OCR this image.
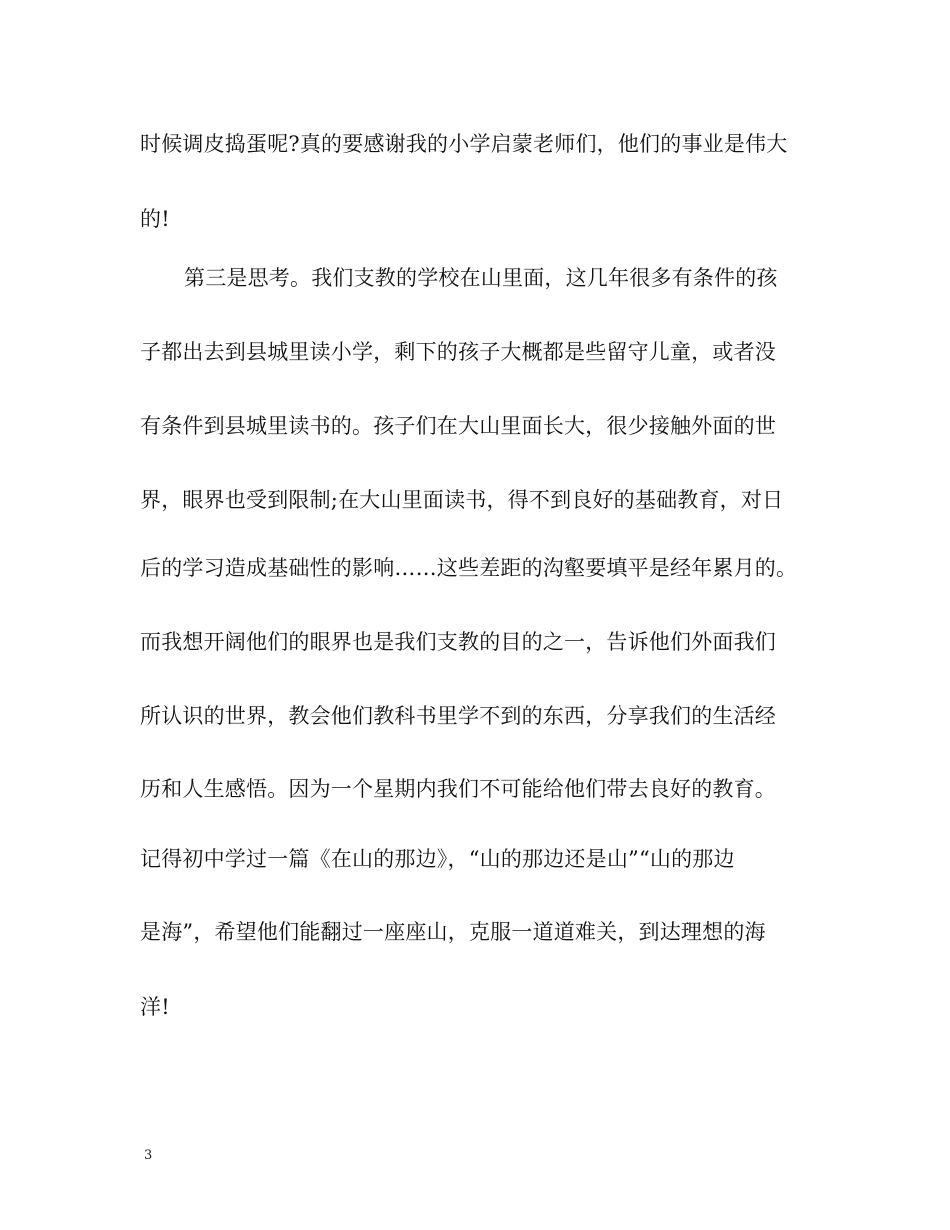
时候调皮捣蛋呢?真的要感谢我的小学启蒙老师们，他们的事业是伟大
的!
第三是思考。我们支教的学校在山里面，这几年很多有条件的孩
子都出去到县城里读小学，剩下的孩子大概都是些留守儿童，或者没
有条件到县城里读书的。孩子们在大山里面长大，很少接触外面的世
界，眼界也受到限制;在大山里面读书，得不到良好的基础教育，对日
后的学习造成基础性的影响……这些差距的沟壑要填平是经年累月的。
而我想开阔他们的眼界也是我们支教的目的之一，告诉他们外面我们
所认识的世界，教会他们教科书里学不到的东西，分享我们的生活经
历和人生感悟。因为一个星期内我们不可能给他们带去良好的教育。
记得初中学过一篇《在山的那边》，“山的那边还是山”“山的那边
是海”，希望他们能翻过一座座山，克服一道道难关，到达理想的海
洋!
3
